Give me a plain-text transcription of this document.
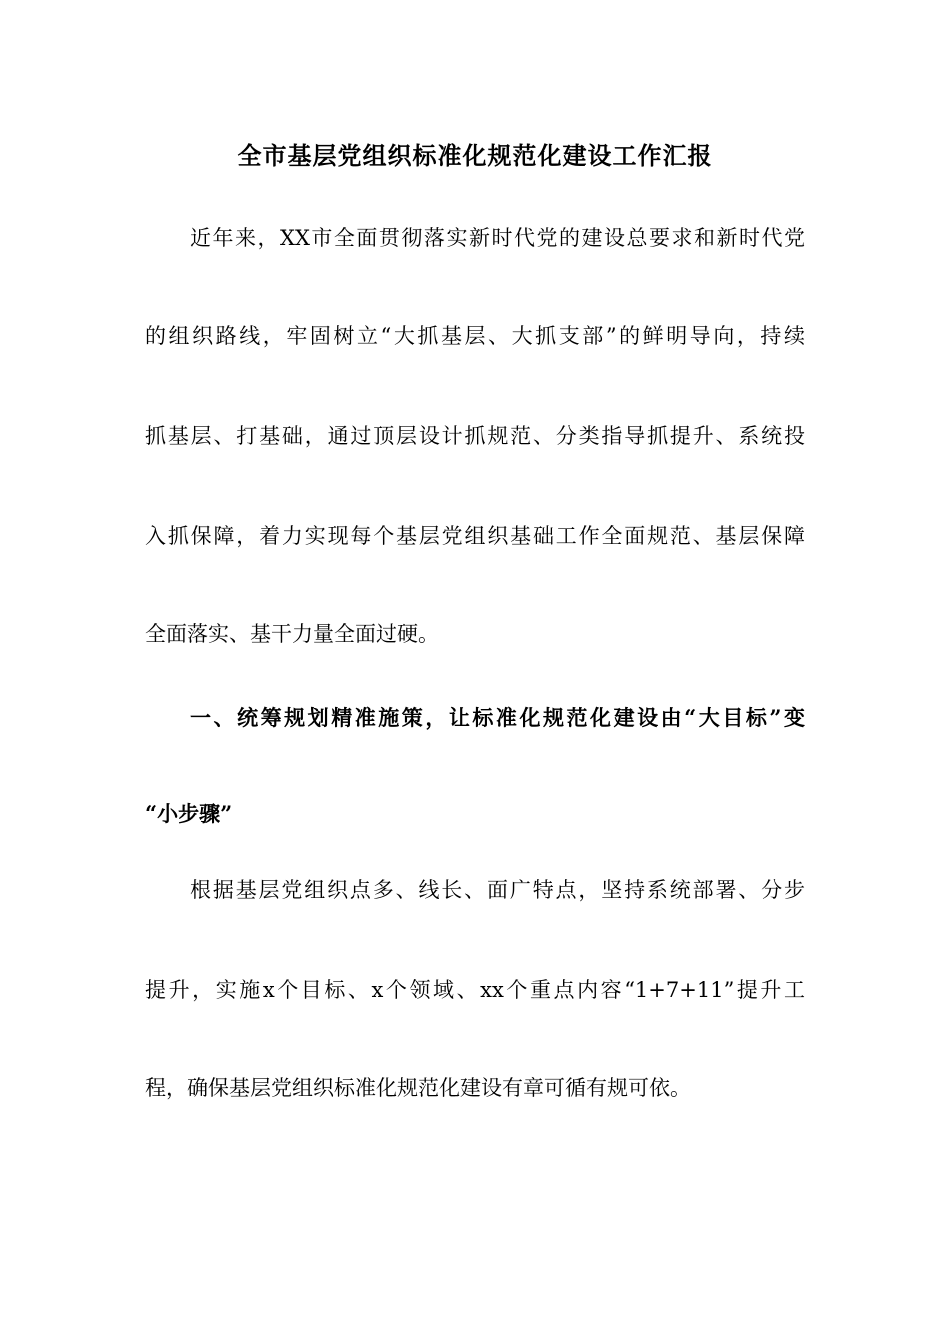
全市基层党组织标准化规范化建设工作汇报

近年来，XX市全面贯彻落实新时代党的建设总要求和新时代党

的组织路线，牢固树立“大抓基层、大抓支部”的鲜明导向，持续

抓基层、打基础，通过顶层设计抓规范、分类指导抓提升、系统投

入抓保障，着力实现每个基层党组织基础工作全面规范、基层保障

全面落实、基干力量全面过硬。

一、统筹规划精准施策，让标准化规范化建设由“大目标”变

“小步骤”

根据基层党组织点多、线长、面广特点，坚持系统部署、分步

提升，实施x个目标、x个领域、xx个重点内容“1+7+11”提升工

程，确保基层党组织标准化规范化建设有章可循有规可依。
